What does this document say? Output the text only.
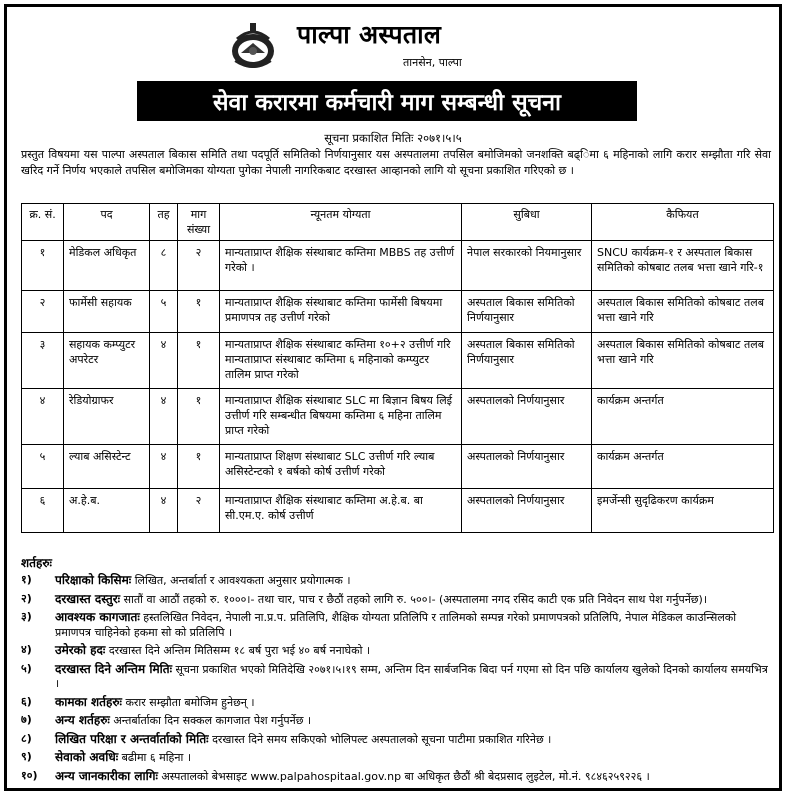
पाल्पा अस्पताल
तानसेन, पाल्पा
सेवा करारमा कर्मचारी माग सम्बन्धी सूचना
सूचना प्रकाशित मितिः २०७१।५।५
प्रस्तुत विषयमा यस पाल्पा अस्पताल बिकास समिति तथा पदपूर्ति समितिको निर्णयानुसार यस अस्पतालमा तपसिल बमोजिमको जनशक्ति बढ्िमा ६ महिनाको लागि करार सम्झौता गरि सेवा खरिद गर्ने निर्णय भएकाले तपसिल बमोजिमका योग्यता पुगेका नेपाली नागरिकबाट दरखास्त आव्हानको लागि यो सूचना प्रकाशित गरिएको छ ।
क्र. सं.	पद	तह	माग संख्या	न्यूनतम योग्यता	सुबिधा	कैफियत
१	मेडिकल अधिकृत	८	२	मान्यताप्राप्त शैक्षिक संस्थाबाट कम्तिमा MBBS तह उत्तीर्ण गरेको ।	नेपाल सरकारको नियमानुसार	SNCU कार्यक्रम-१ र अस्पताल बिकास समितिको कोषबाट तलब भत्ता खाने गरि-१
२	फार्मेसी सहायक	५	१	मान्यताप्राप्त शैक्षिक संस्थाबाट कम्तिमा फार्मेसी बिषयमा प्रमाणपत्र तह उत्तीर्ण गरेको	अस्पताल बिकास समितिको निर्णयानुसार	अस्पताल बिकास समितिको कोषबाट तलब भत्ता खाने गरि
३	सहायक कम्प्युटर अपरेटर	४	१	मान्यताप्राप्त शैक्षिक संस्थाबाट कम्तिमा १०+२ उत्तीर्ण गरि मान्यताप्राप्त संस्थाबाट कम्तिमा ६ महिनाको कम्प्युटर तालिम प्राप्त गरेको	अस्पताल बिकास समितिको निर्णयानुसार	अस्पताल बिकास समितिको कोषबाट तलब भत्ता खाने गरि
४	रेडियोग्राफर	४	१	मान्यताप्राप्त शैक्षिक संस्थाबाट SLC मा बिज्ञान बिषय लिई उत्तीर्ण गरि सम्बन्धीत बिषयमा कम्तिमा ६ महिना तालिम प्राप्त गरेको	अस्पतालको निर्णयानुसार	कार्यक्रम अन्तर्गत
५	ल्याब असिस्टेन्ट	४	१	मान्यताप्राप्त शिक्षण संस्थाबाट SLC उत्तीर्ण गरि ल्याब असिस्टेन्टको १ बर्षको कोर्ष उत्तीर्ण गरेको	अस्पतालको निर्णयानुसार	कार्यक्रम अन्तर्गत
६	अ.हे.ब.	४	२	मान्यताप्राप्त शैक्षिक संस्थाबाट कम्तिमा अ.हे.ब. बा सी.एम.ए. कोर्ष उत्तीर्ण	अस्पतालको निर्णयानुसार	इमर्जेन्सी सुदृढिकरण कार्यक्रम
शर्तहरुः
१)	परिक्षाको किसिमः लिखित, अन्तर्बार्ता र आवश्यकता अनुसार प्रयोगात्मक ।
२)	दरखास्त दस्तुरः सातौं वा आठौं तहको रु. १०००।- तथा चार, पाच र छैठौं तहको लागि रु. ५००।- (अस्पतालमा नगद रसिद काटी एक प्रति निवेदन साथ पेश गर्नुपर्नेछ)।
३)	आवश्यक कागजातः हस्तलिखित निवेदन, नेपाली ना.प्र.प. प्रतिलिपि, शैक्षिक योग्यता प्रतिलिपि र तालिमको सम्पन्न गरेको प्रमाणपत्रको प्रतिलिपि, नेपाल मेडिकल काउन्सिलको प्रमाणपत्र चाहिनेको हकमा सो को प्रतिलिपि ।
४)	उमेरको हदः दरखास्त दिने अन्तिम मितिसम्म १८ बर्ष पुरा भई ४० बर्ष ननाघेको ।
५)	दरखास्त दिने अन्तिम मितिः सूचना प्रकाशित भएको मितिदेखि २०७१।५।१९ सम्म, अन्तिम दिन सार्बजनिक बिदा पर्न गएमा सो दिन पछि कार्यालय खुलेको दिनको कार्यालय समयभित्र ।
६)	कामका शर्तहरुः करार सम्झौता बमोजिम हुनेछन् ।
७)	अन्य शर्तहरुः अन्तर्बार्ताका दिन सक्कल कागजात पेश गर्नुपर्नेछ ।
८)	लिखित परिक्षा र अन्तर्वार्ताको मितिः दरखास्त दिने समय सकिएको भोलिपल्ट अस्पतालको सूचना पाटीमा प्रकाशित गरिनेछ ।
९)	सेवाको अवधिः बढीमा ६ महिना ।
१०)	अन्य जानकारीका लागिः अस्पतालको बेभसाइट www.palpahospitaal.gov.np बा अधिकृत छैठौं श्री बेदप्रसाद लुइटेल, मो.नं. ९८४६२५९२२६ ।
